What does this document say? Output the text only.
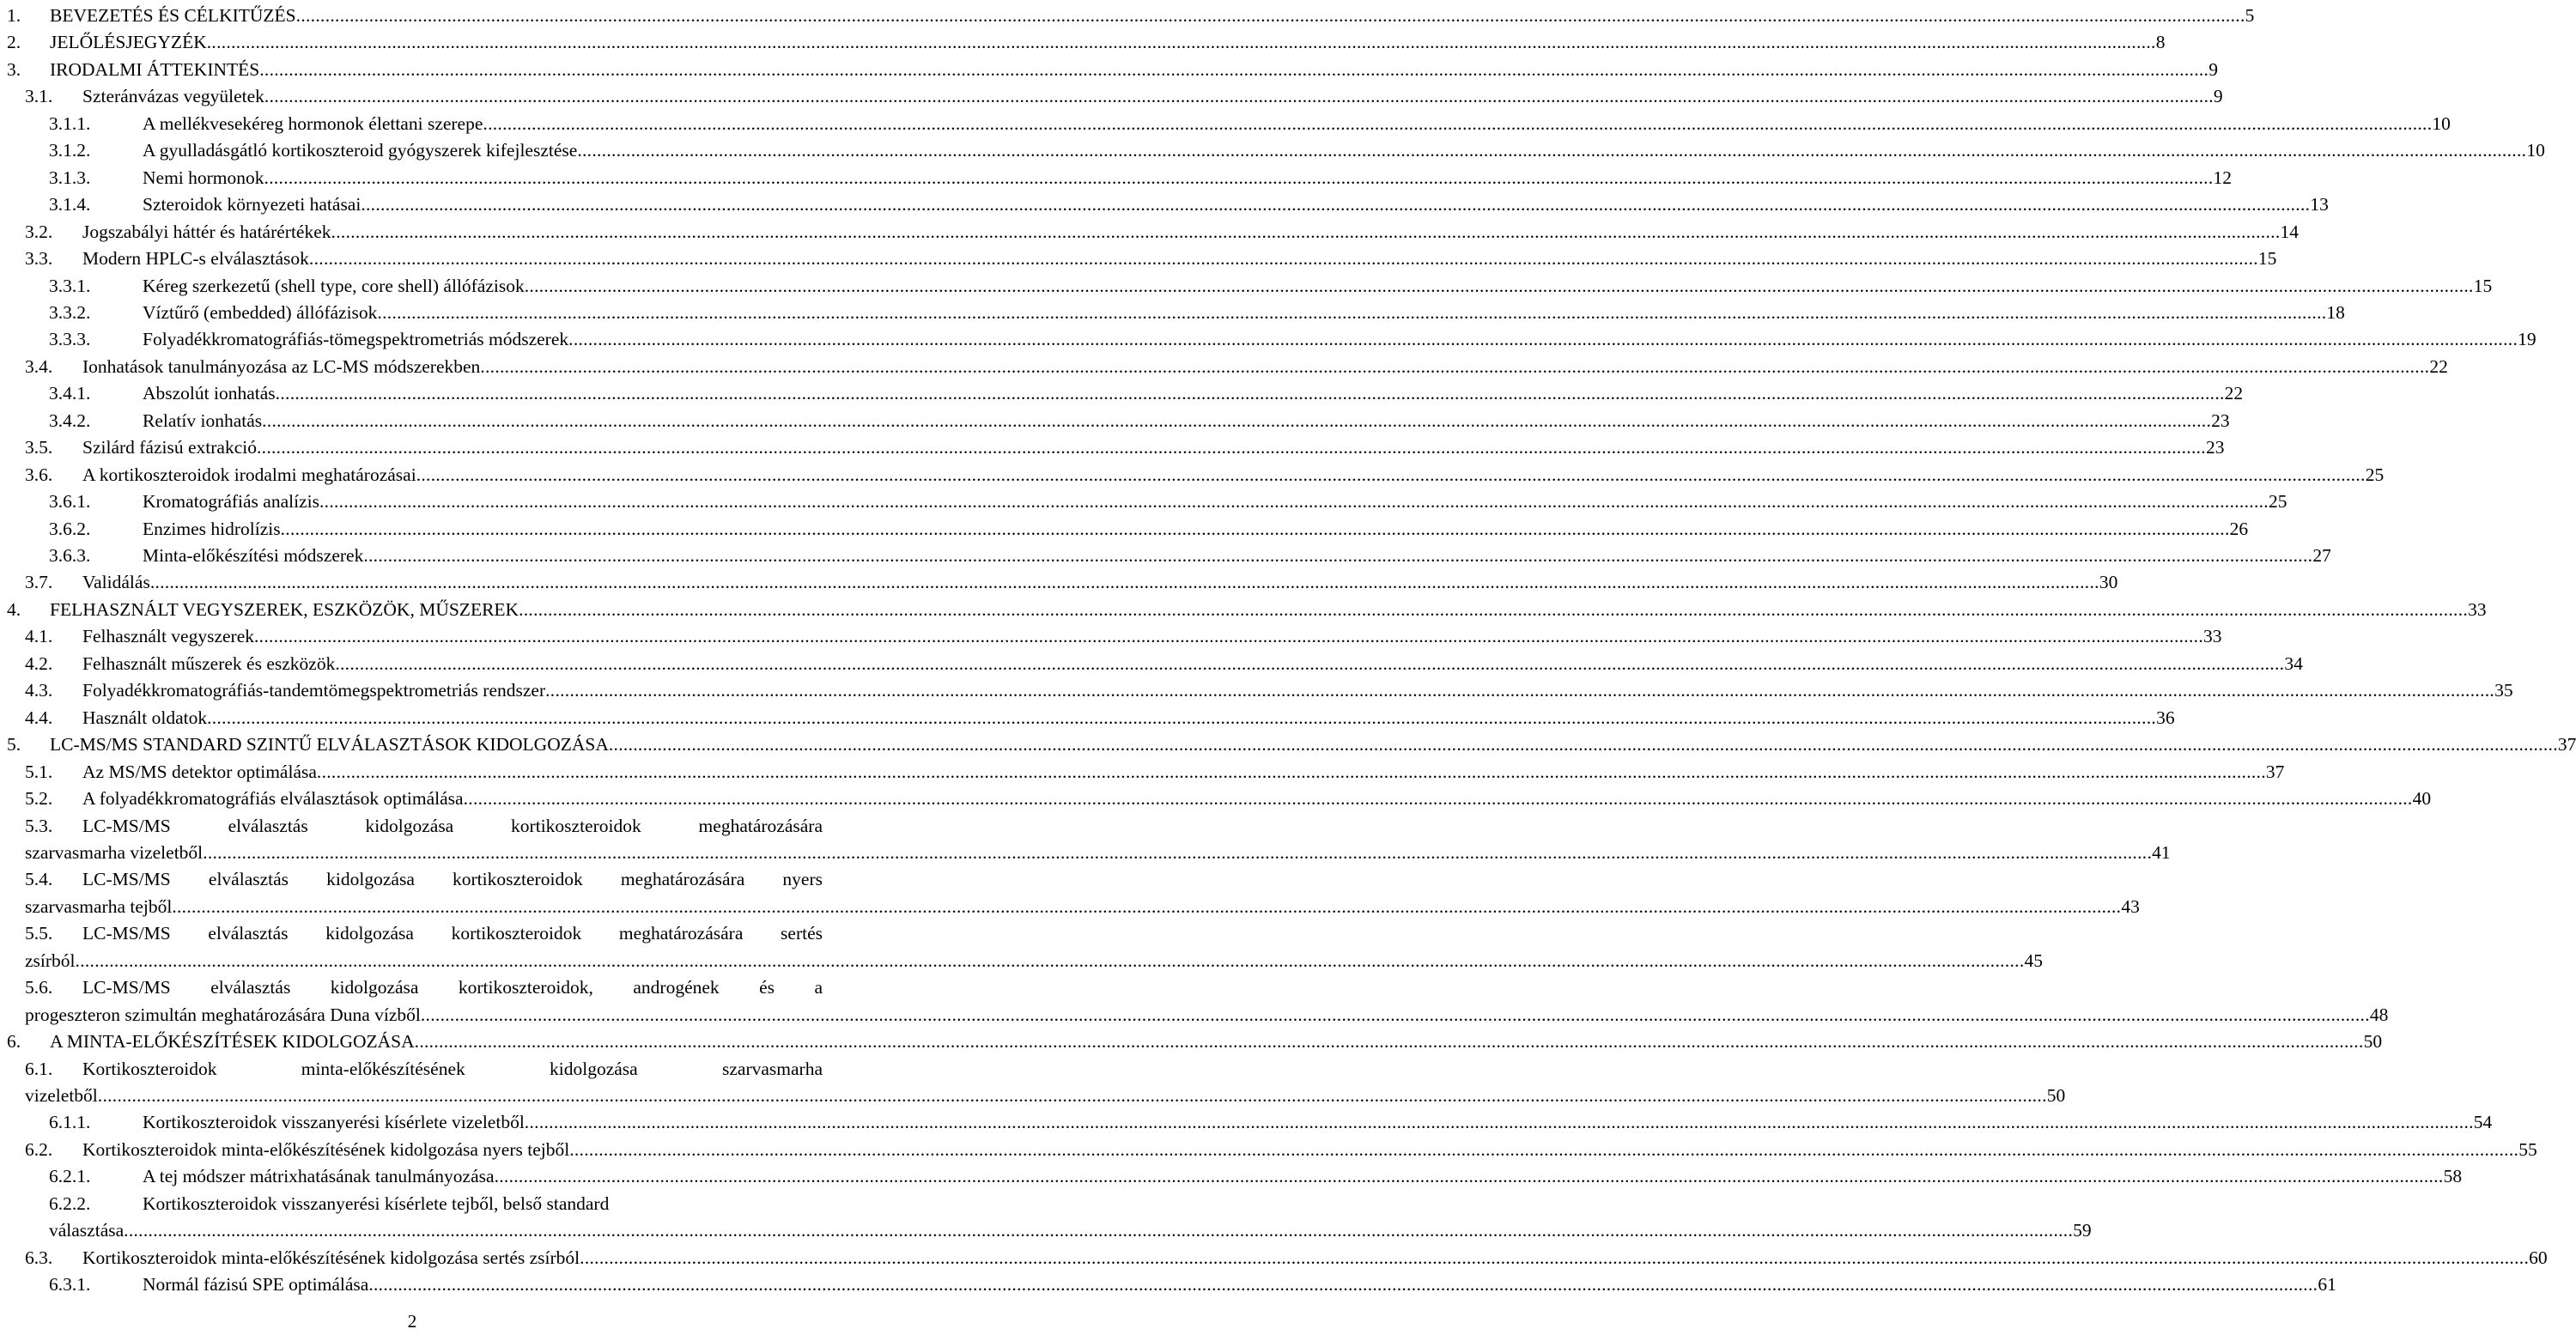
1. BEVEZETÉS ÉS CÉLKITŰZÉS ................................................................................................................................................................................................................................................................................................................................................................................................................ 5
2. JELŐLÉSJEGYZÉK ................................................................................................................................................................................................................................................................................................................................................................................................................ 8
3. IRODALMI ÁTTEKINTÉS ................................................................................................................................................................................................................................................................................................................................................................................................................ 9
3.1. Szteránvázas vegyületek ................................................................................................................................................................................................................................................................................................................................................................................................................ 9
3.1.1.	A mellékvesekéreg hormonok élettani szerepe ................................................................................................................................................................................................................................................................................................................................................................................................................ 10
3.1.2.	A gyulladásgátló kortikoszteroid gyógyszerek kifejlesztése ................................................................................................................................................................................................................................................................................................................................................................................................................ 10
3.1.3.	Nemi hormonok ................................................................................................................................................................................................................................................................................................................................................................................................................ 12
3.1.4.	Szteroidok környezeti hatásai ................................................................................................................................................................................................................................................................................................................................................................................................................ 13
3.2. Jogszabályi háttér és határértékek ................................................................................................................................................................................................................................................................................................................................................................................................................ 14
3.3. Modern HPLC-s elválasztások ................................................................................................................................................................................................................................................................................................................................................................................................................ 15
3.3.1.	Kéreg szerkezetű (shell type, core shell) állófázisok ................................................................................................................................................................................................................................................................................................................................................................................................................ 15
3.3.2.	Víztűrő (embedded) állófázisok ................................................................................................................................................................................................................................................................................................................................................................................................................ 18
3.3.3.	Folyadékkromatográfiás-tömegspektrometriás módszerek ................................................................................................................................................................................................................................................................................................................................................................................................................ 19
3.4. Ionhatások tanulmányozása az LC-MS módszerekben ................................................................................................................................................................................................................................................................................................................................................................................................................ 22
3.4.1.	Abszolút ionhatás ................................................................................................................................................................................................................................................................................................................................................................................................................ 22
3.4.2.	Relatív ionhatás ................................................................................................................................................................................................................................................................................................................................................................................................................ 23
3.5. Szilárd fázisú extrakció ................................................................................................................................................................................................................................................................................................................................................................................................................ 23
3.6. A kortikoszteroidok irodalmi meghatározásai ................................................................................................................................................................................................................................................................................................................................................................................................................ 25
3.6.1.	Kromatográfiás analízis ................................................................................................................................................................................................................................................................................................................................................................................................................ 25
3.6.2.	Enzimes hidrolízis ................................................................................................................................................................................................................................................................................................................................................................................................................ 26
3.6.3.	Minta-előkészítési módszerek ................................................................................................................................................................................................................................................................................................................................................................................................................ 27
3.7. Validálás ................................................................................................................................................................................................................................................................................................................................................................................................................ 30
4. FELHASZNÁLT VEGYSZEREK, ESZKÖZÖK, MŰSZEREK ................................................................................................................................................................................................................................................................................................................................................................................................................ 33
4.1. Felhasznált vegyszerek ................................................................................................................................................................................................................................................................................................................................................................................................................ 33
4.2. Felhasznált műszerek és eszközök ................................................................................................................................................................................................................................................................................................................................................................................................................ 34
4.3. Folyadékkromatográfiás-tandemtömegspektrometriás rendszer ................................................................................................................................................................................................................................................................................................................................................................................................................ 35
4.4. Használt oldatok ................................................................................................................................................................................................................................................................................................................................................................................................................ 36
5. LC-MS/MS STANDARD SZINTŰ ELVÁLASZTÁSOK KIDOLGOZÁSA ................................................................................................................................................................................................................................................................................................................................................................................................................ 37
5.1. Az MS/MS detektor optimálása ................................................................................................................................................................................................................................................................................................................................................................................................................ 37
5.2. A folyadékkromatográfiás elválasztások optimálása ................................................................................................................................................................................................................................................................................................................................................................................................................ 40
5.3. LC-MS/MS elválasztás kidolgozása kortikoszteroidok meghatározására
szarvasmarha vizeletből ................................................................................................................................................................................................................................................................................................................................................................................................................ 41
5.4. LC-MS/MS elválasztás kidolgozása kortikoszteroidok meghatározására nyers
szarvasmarha tejből ................................................................................................................................................................................................................................................................................................................................................................................................................ 43
5.5. LC-MS/MS elválasztás kidolgozása kortikoszteroidok meghatározására sertés
zsírból ................................................................................................................................................................................................................................................................................................................................................................................................................ 45
5.6. LC-MS/MS elválasztás kidolgozása kortikoszteroidok, androgének és a
progeszteron szimultán meghatározására Duna vízből ................................................................................................................................................................................................................................................................................................................................................................................................................ 48
6. A MINTA-ELŐKÉSZÍTÉSEK KIDOLGOZÁSA ................................................................................................................................................................................................................................................................................................................................................................................................................ 50
6.1. Kortikoszteroidok minta-előkészítésének kidolgozása szarvasmarha
vizeletből ................................................................................................................................................................................................................................................................................................................................................................................................................ 50
6.1.1.	Kortikoszteroidok visszanyerési kísérlete vizeletből ................................................................................................................................................................................................................................................................................................................................................................................................................ 54
6.2. Kortikoszteroidok minta-előkészítésének kidolgozása nyers tejből ................................................................................................................................................................................................................................................................................................................................................................................................................ 55
6.2.1.	A tej módszer mátrixhatásának tanulmányozása ................................................................................................................................................................................................................................................................................................................................................................................................................ 58
6.2.2.	Kortikoszteroidok visszanyerési kísérlete tejből, belső standard
választása ................................................................................................................................................................................................................................................................................................................................................................................................................ 59
6.3. Kortikoszteroidok minta-előkészítésének kidolgozása sertés zsírból ................................................................................................................................................................................................................................................................................................................................................................................................................ 60
6.3.1.	Normál fázisú SPE optimálása ................................................................................................................................................................................................................................................................................................................................................................................................................ 61
2
